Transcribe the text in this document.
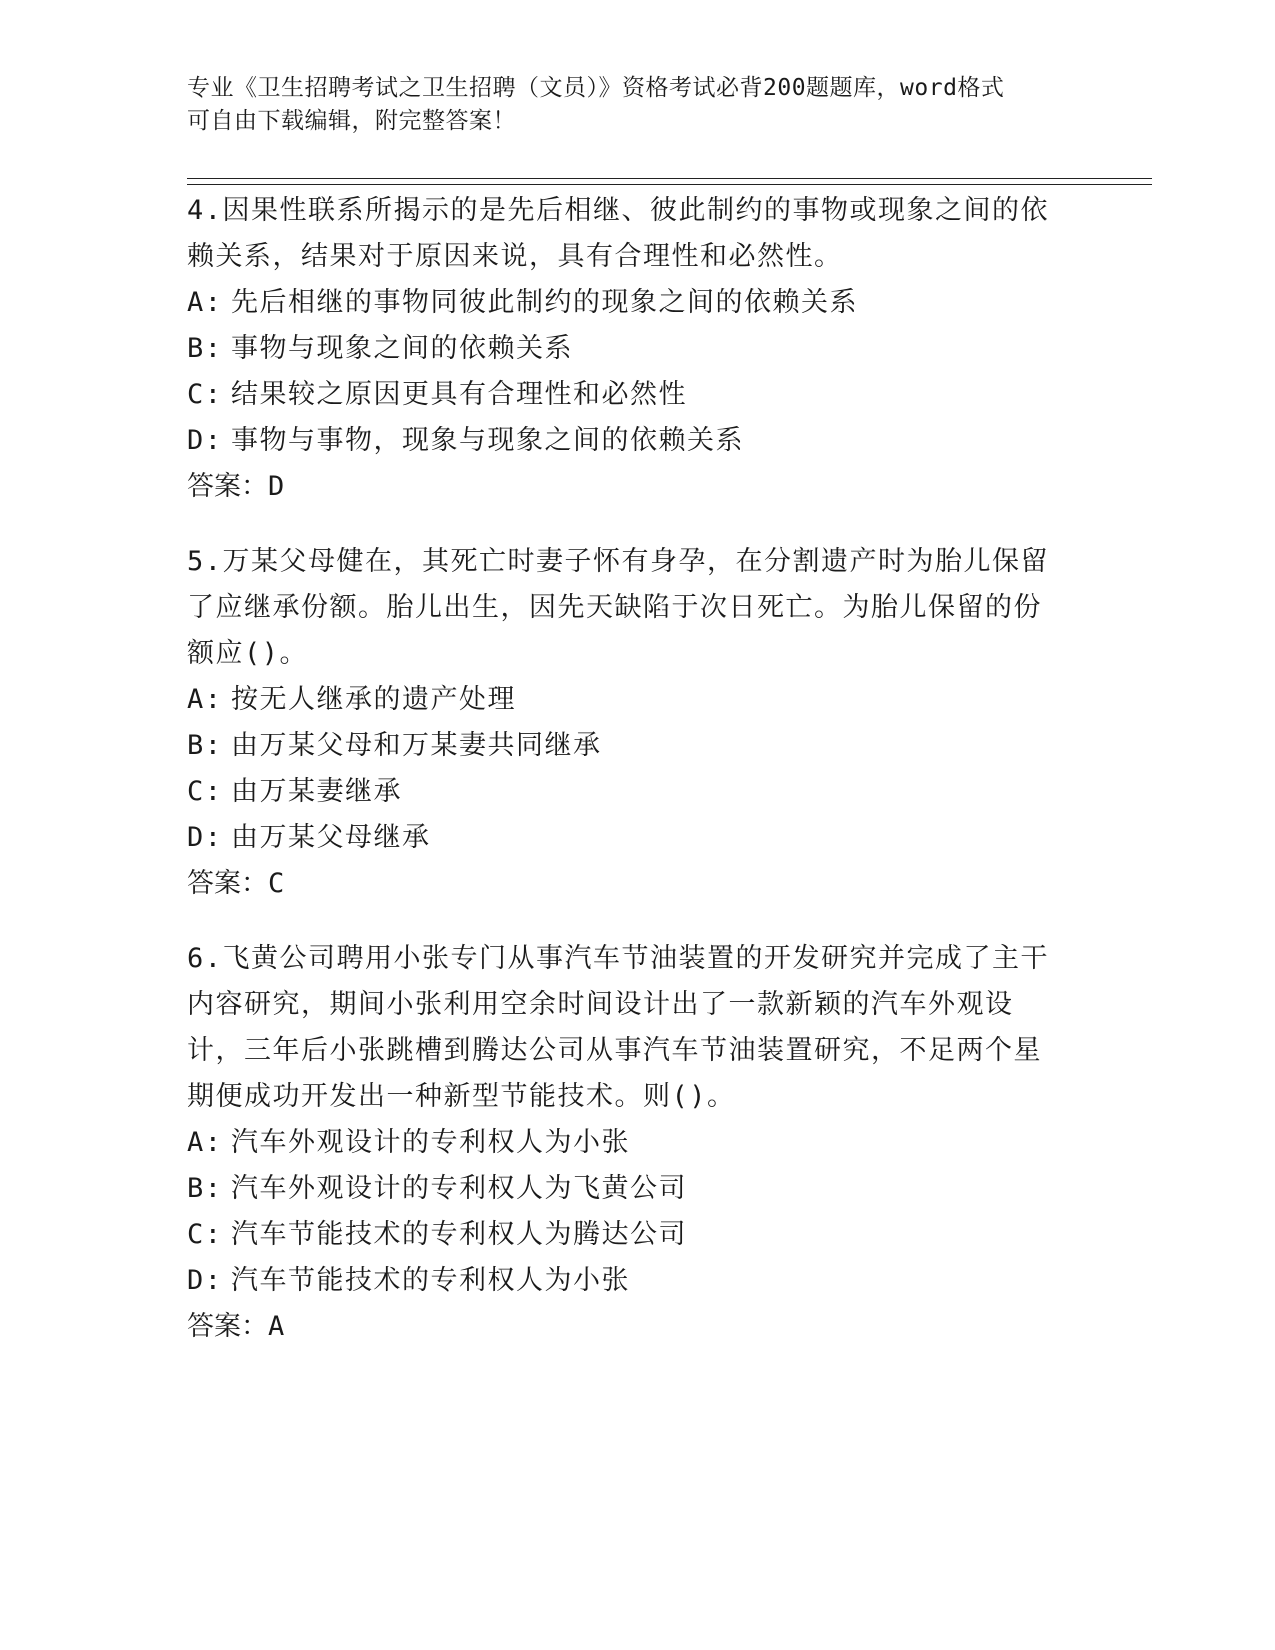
专业《卫生招聘考试之卫生招聘（文员）》资格考试必背200题题库，word格式
可自由下载编辑，附完整答案！
4.因果性联系所揭示的是先后相继、彼此制约的事物或现象之间的依赖关系，结果对于原因来说，具有合理性和必然性。
A: 先后相继的事物同彼此制约的现象之间的依赖关系
B: 事物与现象之间的依赖关系
C: 结果较之原因更具有合理性和必然性
D: 事物与事物，现象与现象之间的依赖关系
答案：D
5.万某父母健在，其死亡时妻子怀有身孕，在分割遗产时为胎儿保留了应继承份额。胎儿出生，因先天缺陷于次日死亡。为胎儿保留的份额应()。
A: 按无人继承的遗产处理
B: 由万某父母和万某妻共同继承
C: 由万某妻继承
D: 由万某父母继承
答案：C
6.飞黄公司聘用小张专门从事汽车节油装置的开发研究并完成了主干内容研究，期间小张利用空余时间设计出了一款新颖的汽车外观设计，三年后小张跳槽到腾达公司从事汽车节油装置研究，不足两个星期便成功开发出一种新型节能技术。则()。
A: 汽车外观设计的专利权人为小张
B: 汽车外观设计的专利权人为飞黄公司
C: 汽车节能技术的专利权人为腾达公司
D: 汽车节能技术的专利权人为小张
答案：A
